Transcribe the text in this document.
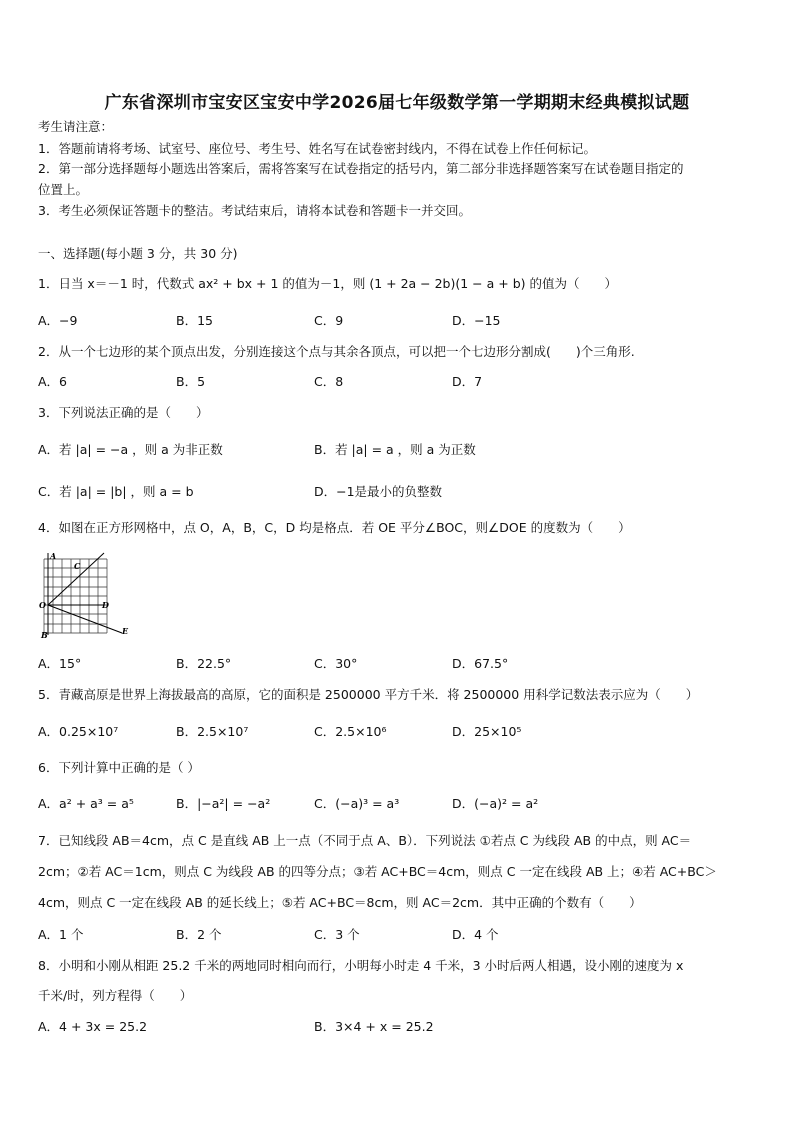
广东省深圳市宝安区宝安中学2026届七年级数学第一学期期末经典模拟试题
考生请注意：
1．答题前请将考场、试室号、座位号、考生号、姓名写在试卷密封线内，不得在试卷上作任何标记。
2．第一部分选择题每小题选出答案后，需将答案写在试卷指定的括号内，第二部分非选择题答案写在试卷题目指定的
位置上。
3．考生必须保证答题卡的整洁。考试结束后，请将本试卷和答题卡一并交回。
一、选择题(每小题 3 分，共 30 分)
1．日当 x＝－1 时，代数式 ax² + bx + 1 的值为－1，则 (1 + 2a − 2b)(1 − a + b) 的值为（　　）
A．−9	B．15	C．9	D．−15
2．从一个七边形的某个顶点出发，分别连接这个点与其余各顶点，可以把一个七边形分割成(　　)个三角形.
A．6	B．5	C．8	D．7
3．下列说法正确的是（　　）
A．若 |a| = −a ，则 a 为非正数	B．若 |a| = a ，则 a 为正数
C．若 |a| = |b| ，则 a = b	D．−1是最小的负整数
4．如图在正方形网格中，点 O，A，B，C，D 均是格点．若 OE 平分∠BOC，则∠DOE 的度数为（　　）
A
C
O	D
B	E
A．15°	B．22.5°	C．30°	D．67.5°
5．青藏高原是世界上海拔最高的高原，它的面积是 2500000 平方千米．将 2500000 用科学记数法表示应为（　　）
A．0.25×10⁷	B．2.5×10⁷	C．2.5×10⁶	D．25×10⁵
6．下列计算中正确的是（ ）
A．a² + a³ = a⁵	B．|−a²| = −a²	C．(−a)³ = a³	D．(−a)² = a²
7．已知线段 AB＝4cm，点 C 是直线 AB 上一点（不同于点 A、B）．下列说法 ①若点 C 为线段 AB 的中点，则 AC＝
2cm；②若 AC＝1cm，则点 C 为线段 AB 的四等分点；③若 AC+BC＝4cm，则点 C 一定在线段 AB 上；④若 AC+BC＞
4cm，则点 C 一定在线段 AB 的延长线上；⑤若 AC+BC＝8cm，则 AC＝2cm．其中正确的个数有（　　）
A．1 个	B．2 个	C．3 个	D．4 个
8．小明和小刚从相距 25.2 千米的两地同时相向而行，小明每小时走 4 千米，3 小时后两人相遇，设小刚的速度为 x
千米/时，列方程得（　　）
A．4 + 3x = 25.2	B．3×4 + x = 25.2
